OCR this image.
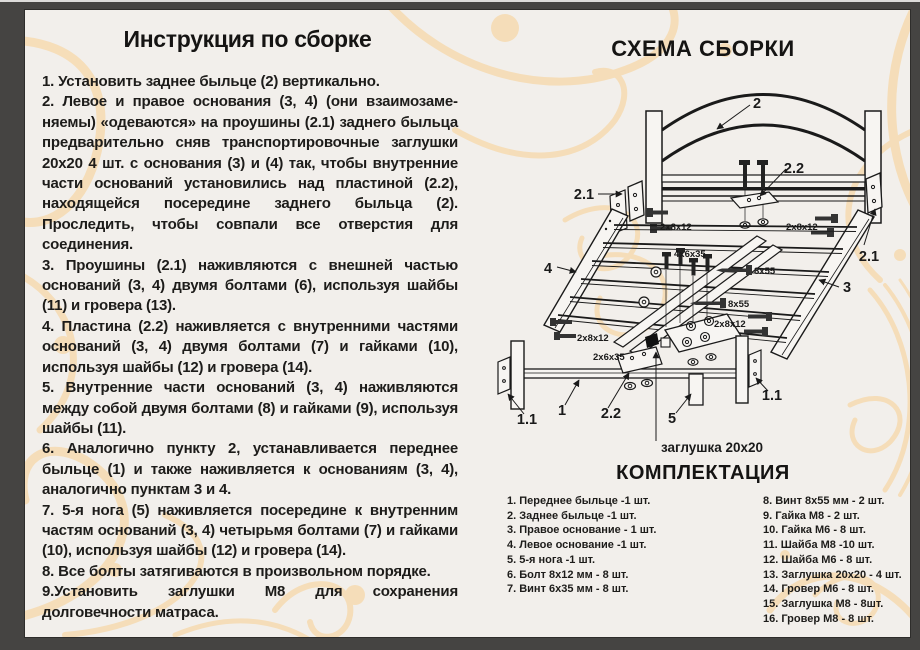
Инструкция по сборке

1. Установить заднее быльце (2) вертикально.

2. Левое и правое основания (3, 4) (они взаимозаменяемы) «одеваются» на проушины (2.1) заднего быльца предварительно сняв транспортировочные заглушки 20х20 4 шт. с основания (3) и (4) так, чтобы внутренние части оснований установились над пластиной (2.2), находящейся посередине заднего быльца (2). Проследить, чтобы совпали все отверстия для соединения.

3. Проушины (2.1) наживляются с внешней частью оснований (3, 4) двумя болтами (6), используя шайбы (11) и гровера (13).

4. Пластина (2.2) наживляется с внутренними частями оснований (3, 4) двумя болтами (7) и гайками (10), используя шайбы (12) и гровера (14).

5. Внутренние части оснований (3, 4) наживляются между собой двумя болтами (8) и гайками (9), используя шайбы (11).

6. Аналогично пункту 2, устанавливается переднее быльце (1) и также наживляется к основаниям (3, 4), аналогично пунктам 3 и 4.

7. 5-я нога (5) наживляется посередине к внутренним частям оснований (3, 4) четырьмя болтами (7) и гайками (10), используя шайбы (12) и гровера (14).

8. Все болты затягиваются в произвольном порядке.

9.Установить заглушки М8 для сохранения долговечности матраса.

СХЕМА СБОРКИ
2
2.2
2.1
2.1
4
3
1
1.1	2.2	5
1.1
2х8х12	2х8х12
4х6х35
8х55
8х55
2х8х12
2х8х12
2х6х35
заглушка 20х20
КОМПЛЕКТАЦИЯ
1. Переднее быльце -1 шт.
2. Заднее быльце -1 шт.
3. Правое основание - 1 шт.
4. Левое основание -1 шт.
5. 5-я нога -1 шт.
6. Болт 8х12 мм - 8 шт.
7. Винт 6х35 мм - 8 шт.
8. Винт 8х55 мм - 2 шт.
9. Гайка М8 - 2 шт.
10. Гайка М6 - 8 шт.
11. Шайба М8 -10 шт.
12. Шайба М6 - 8 шт.
13. Заглушка 20х20 - 4 шт.
14. Гровер М6 - 8 шт.
15. Заглушка М8 - 8шт.
16. Гровер М8 - 8 шт.
